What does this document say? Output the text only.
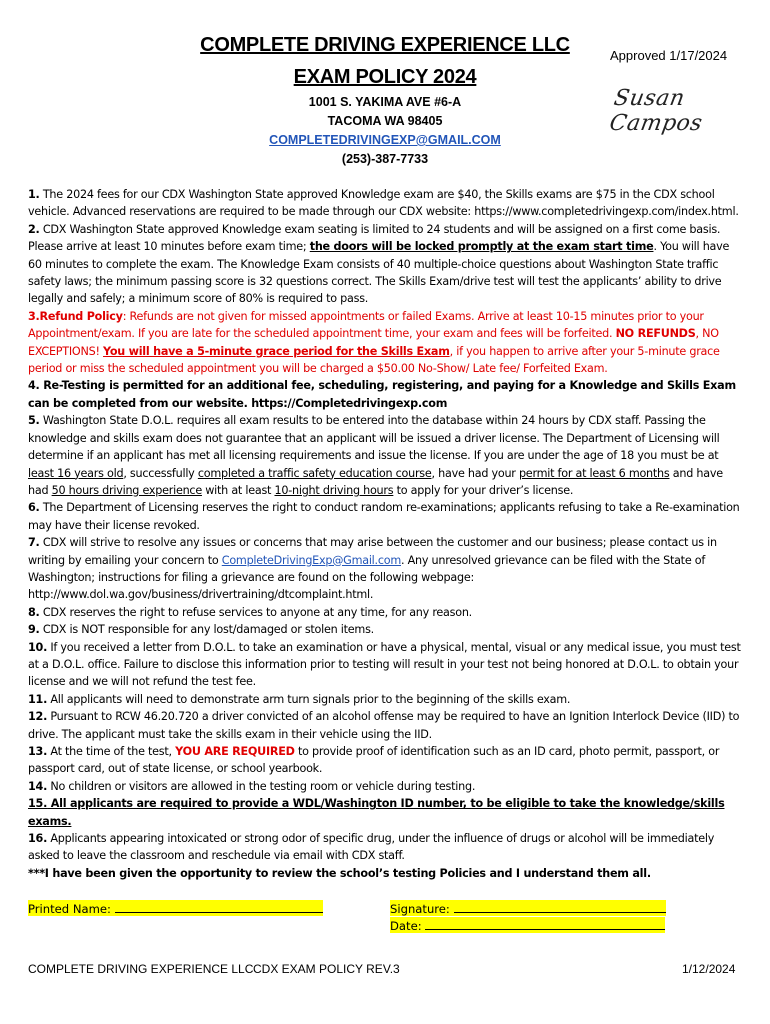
COMPLETE DRIVING EXPERIENCE LLC
EXAM POLICY 2024
1001 S. YAKIMA AVE #6-A
TACOMA WA 98405
COMPLETEDRIVINGEXP@GMAIL.COM
(253)-387-7733
Approved 1/17/2024
Susan Campos

1. The 2024 fees for our CDX Washington State approved Knowledge exam are $40, the Skills exams are $75 in the CDX school vehicle. Advanced reservations are required to be made through our CDX website: https://www.completedrivingexp.com/index.html.

2. CDX Washington State approved Knowledge exam seating is limited to 24 students and will be assigned on a first come basis. Please arrive at least 10 minutes before exam time; the doors will be locked promptly at the exam start time. You will have 60 minutes to complete the exam. The Knowledge Exam consists of 40 multiple-choice questions about Washington State traffic safety laws; the minimum passing score is 32 questions correct. The Skills Exam/drive test will test the applicants’ ability to drive legally and safely; a minimum score of 80% is required to pass.

3.Refund Policy: Refunds are not given for missed appointments or failed Exams. Arrive at least 10-15 minutes prior to your Appointment/exam. If you are late for the scheduled appointment time, your exam and fees will be forfeited. NO REFUNDS, NO EXCEPTIONS! You will have a 5-minute grace period for the Skills Exam, if you happen to arrive after your 5-minute grace period or miss the scheduled appointment you will be charged a $50.00 No-Show/ Late fee/ Forfeited Exam.

4. Re-Testing is permitted for an additional fee, scheduling, registering, and paying for a Knowledge and Skills Exam can be completed from our website. https://Completedrivingexp.com

5. Washington State D.O.L. requires all exam results to be entered into the database within 24 hours by CDX staff. Passing the knowledge and skills exam does not guarantee that an applicant will be issued a driver license. The Department of Licensing will determine if an applicant has met all licensing requirements and issue the license. If you are under the age of 18 you must be at least 16 years old, successfully completed a traffic safety education course, have had your permit for at least 6 months and have had 50 hours driving experience with at least 10-night driving hours to apply for your driver’s license.

6. The Department of Licensing reserves the right to conduct random re-examinations; applicants refusing to take a Re-examination may have their license revoked.

7. CDX will strive to resolve any issues or concerns that may arise between the customer and our business; please contact us in writing by emailing your concern to CompleteDrivingExp@Gmail.com. Any unresolved grievance can be filed with the State of Washington; instructions for filing a grievance are found on the following webpage: http://www.dol.wa.gov/business/drivertraining/dtcomplaint.html.

8. CDX reserves the right to refuse services to anyone at any time, for any reason.

9. CDX is NOT responsible for any lost/damaged or stolen items.

10. If you received a letter from D.O.L. to take an examination or have a physical, mental, visual or any medical issue, you must test at a D.O.L. office. Failure to disclose this information prior to testing will result in your test not being honored at D.O.L. to obtain your license and we will not refund the test fee.

11. All applicants will need to demonstrate arm turn signals prior to the beginning of the skills exam.

12. Pursuant to RCW 46.20.720 a driver convicted of an alcohol offense may be required to have an Ignition Interlock Device (IID) to drive. The applicant must take the skills exam in their vehicle using the IID.

13. At the time of the test, YOU ARE REQUIRED to provide proof of identification such as an ID card, photo permit, passport, or passport card, out of state license, or school yearbook.

14. No children or visitors are allowed in the testing room or vehicle during testing.

15. All applicants are required to provide a WDL/Washington ID number, to be eligible to take the knowledge/skills exams.

16. Applicants appearing intoxicated or strong odor of specific drug, under the influence of drugs or alcohol will be immediately asked to leave the classroom and reschedule via email with CDX staff.

***I have been given the opportunity to review the school’s testing Policies and I understand them all.

Printed Name:	Signature:
Date:
COMPLETE DRIVING EXPERIENCE LLC CDX EXAM POLICY REV.3	1/12/2024
